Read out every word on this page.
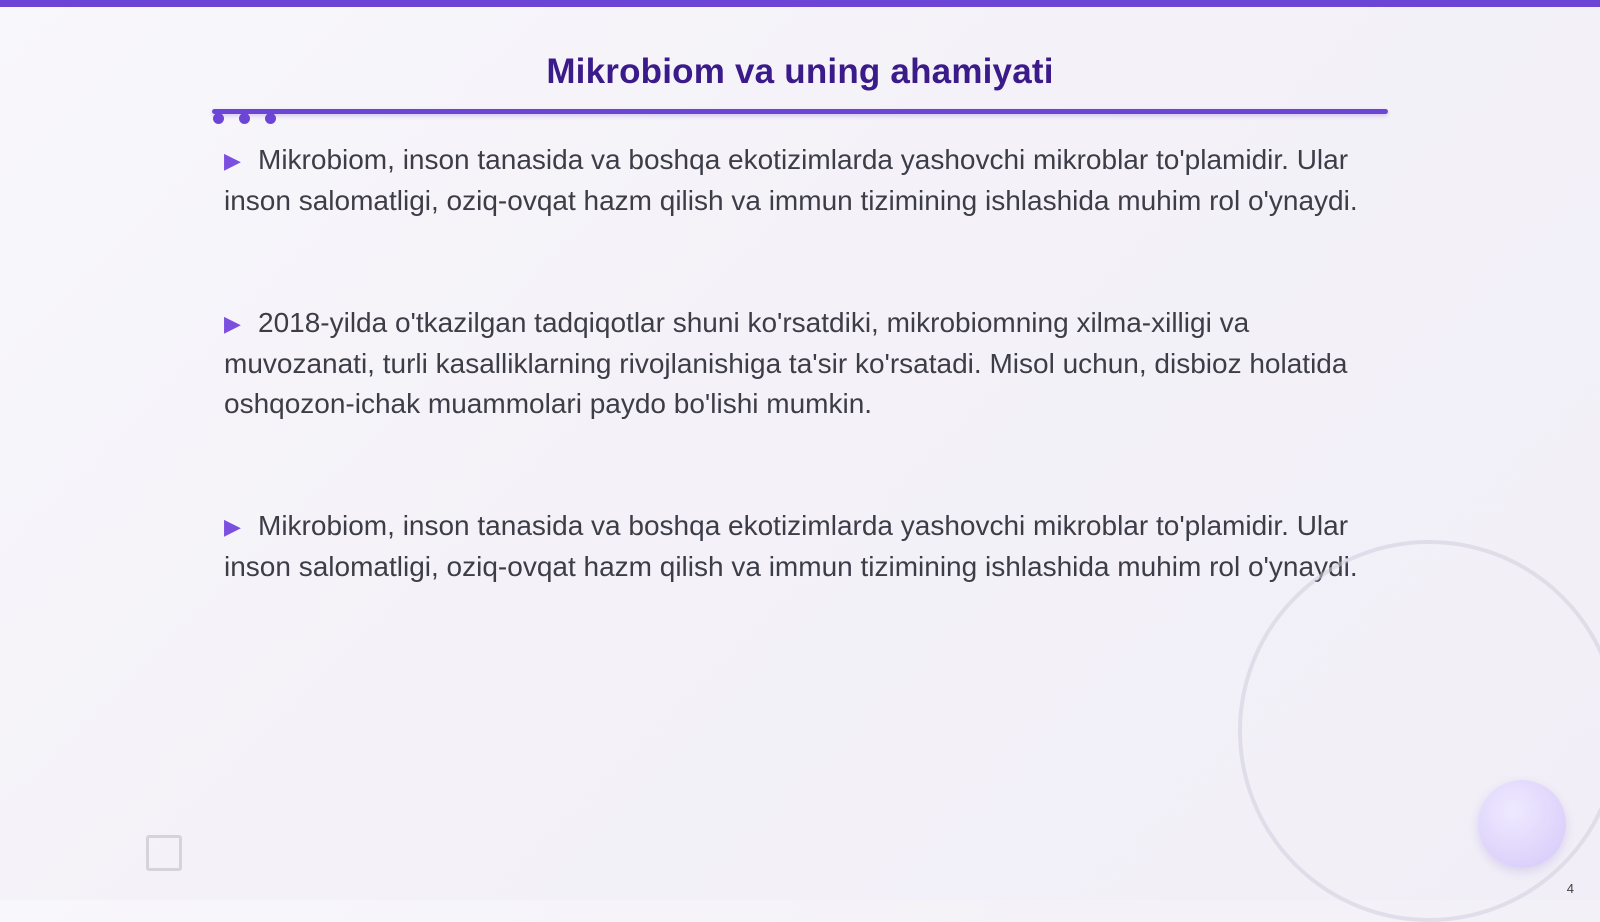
Mikrobiom va uning ahamiyati
▶ Mikrobiom, inson tanasida va boshqa ekotizimlarda yashovchi mikroblar to'plamidir. Ular inson salomatligi, oziq-ovqat hazm qilish va immun tizimining ishlashida muhim rol o'ynaydi.
▶ 2018-yilda o'tkazilgan tadqiqotlar shuni ko'rsatdiki, mikrobiomning xilma-xilligi va muvozanati, turli kasalliklarning rivojlanishiga ta'sir ko'rsatadi. Misol uchun, disbioz holatida oshqozon-ichak muammolari paydo bo'lishi mumkin.
▶ Mikrobiom, inson tanasida va boshqa ekotizimlarda yashovchi mikroblar to'plamidir. Ular inson salomatligi, oziq-ovqat hazm qilish va immun tizimining ishlashida muhim rol o'ynaydi.
4
